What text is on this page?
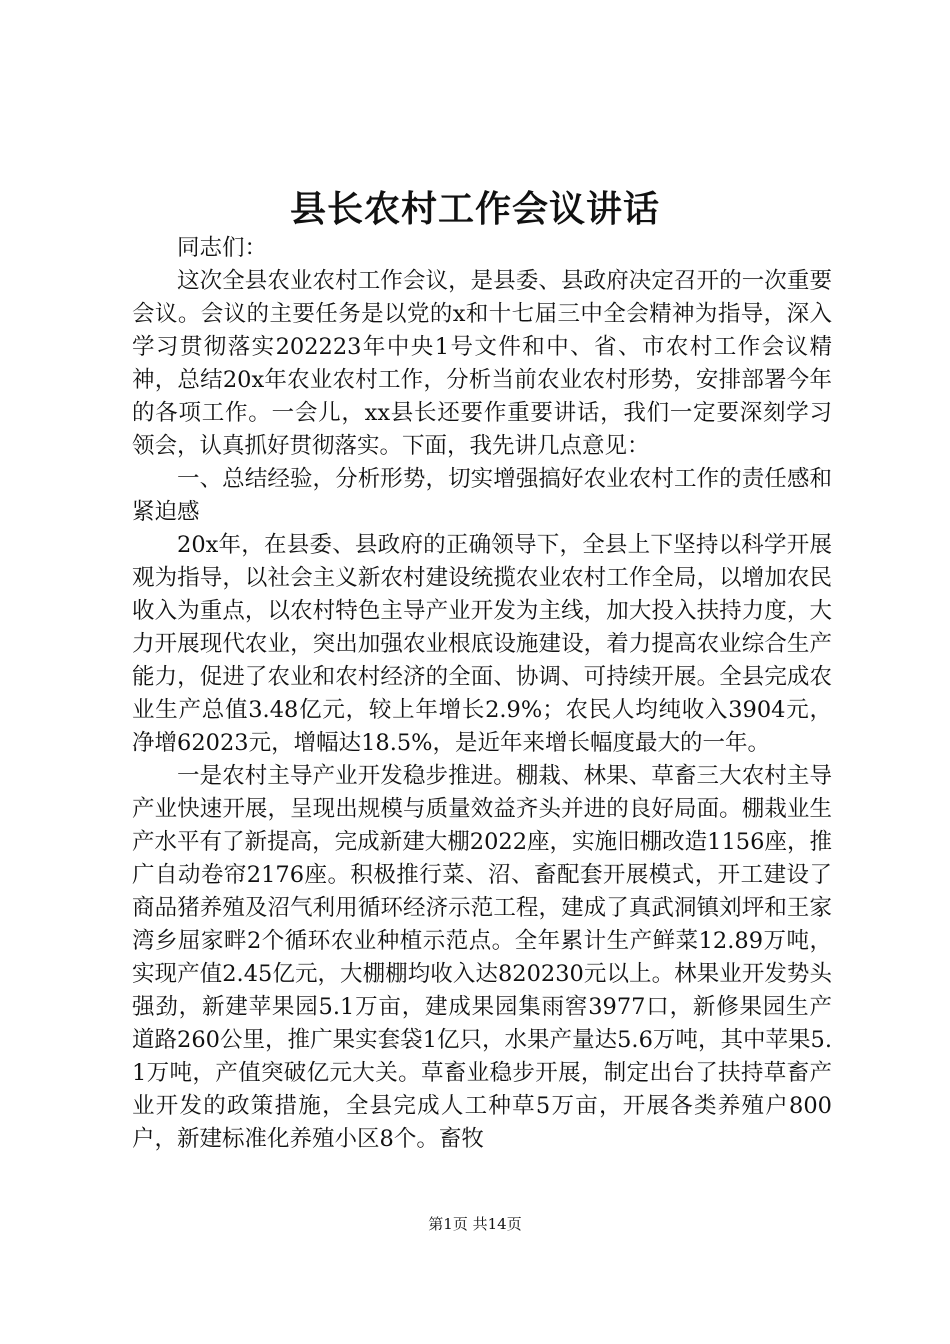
县长农村工作会议讲话

同志们：

这次全县农业农村工作会议，是县委、县政府决定召开的一次重要会议。会议的主要任务是以党的x和十七届三中全会精神为指导，深入学习贯彻落实202223年中央1号文件和中、省、市农村工作会议精神，总结20x年农业农村工作，分析当前农业农村形势，安排部署今年的各项工作。一会儿，xx县长还要作重要讲话，我们一定要深刻学习领会，认真抓好贯彻落实。下面，我先讲几点意见：

一、总结经验，分析形势，切实增强搞好农业农村工作的责任感和紧迫感

20x年，在县委、县政府的正确领导下，全县上下坚持以科学开展观为指导，以社会主义新农村建设统揽农业农村工作全局，以增加农民收入为重点，以农村特色主导产业开发为主线，加大投入扶持力度，大力开展现代农业，突出加强农业根底设施建设，着力提高农业综合生产能力，促进了农业和农村经济的全面、协调、可持续开展。全县完成农业生产总值3.48亿元，较上年增长2.9%；农民人均纯收入3904元，净增62023元，增幅达18.5%，是近年来增长幅度最大的一年。

一是农村主导产业开发稳步推进。棚栽、林果、草畜三大农村主导产业快速开展，呈现出规模与质量效益齐头并进的良好局面。棚栽业生产水平有了新提高，完成新建大棚2022座，实施旧棚改造1156座，推广自动卷帘2176座。积极推行菜、沼、畜配套开展模式，开工建设了商品猪养殖及沼气利用循环经济示范工程，建成了真武洞镇刘坪和王家湾乡屈家畔2个循环农业种植示范点。全年累计生产鲜菜12.89万吨，实现产值2.45亿元，大棚棚均收入达820230元以上。林果业开发势头强劲，新建苹果园5.1万亩，建成果园集雨窖3977口，新修果园生产道路260公里，推广果实套袋1亿只，水果产量达5.6万吨，其中苹果5.1万吨，产值突破亿元大关。草畜业稳步开展，制定出台了扶持草畜产业开发的政策措施，全县完成人工种草5万亩，开展各类养殖户800户，新建标准化养殖小区8个。畜牧

第1页 共14页
